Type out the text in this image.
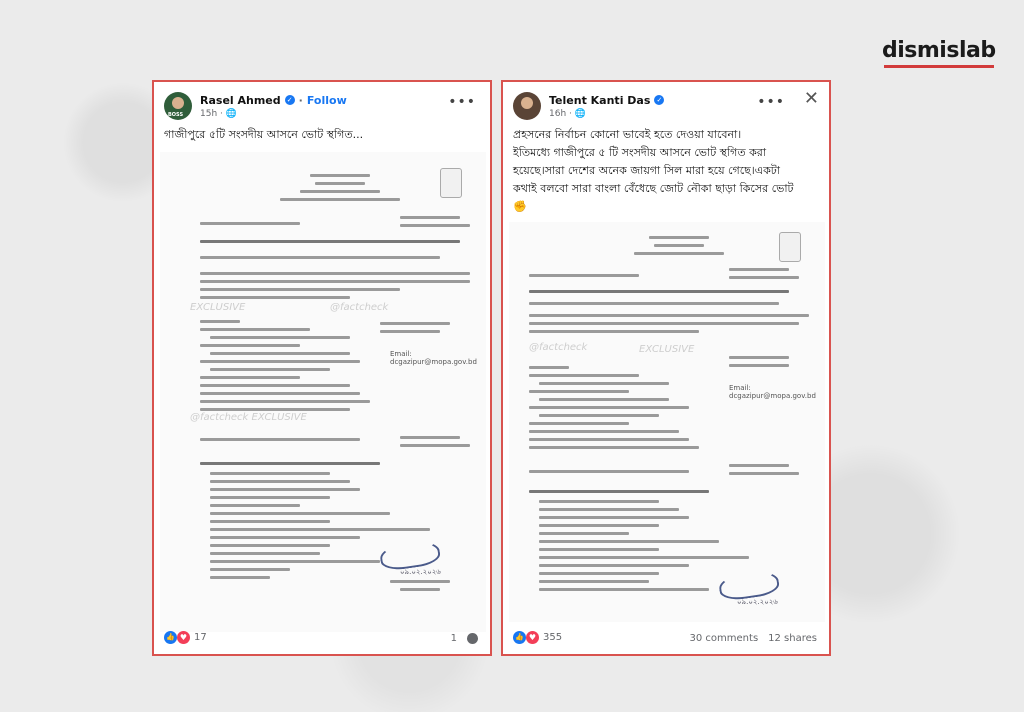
dismislab
BOSS
Rasel Ahmed ✓ · Follow
15h · 🌐
•••
গাজীপুরে ৫টি সংসদীয় আসনে ভোট স্থগিত...
EXCLUSIVE	@factcheck
Email: dcgazipur@mopa.gov.bd
@factcheck EXCLUSIVE
০৯.০২.২০২৬
👍 ♥ 17	1
Telent Kanti Das ✓
16h · 🌐
••• ✕
প্রহসনের নির্বাচন কোনো ভাবেই হতে দেওয়া যাবেনা।
ইতিমধ্যে গাজীপুরে ৫ টি সংসদীয় আসনে ভোট স্থগিত করা
হয়েছে।সারা দেশের অনেক জায়গা সিল মারা হয়ে গেছে।একটা
কথাই বলবো সারা বাংলা বেঁধেছে জোট নৌকা ছাড়া কিসের ভোট
✊
@factcheck	EXCLUSIVE
Email: dcgazipur@mopa.gov.bd
০৯.০২.২০২৬
👍 ♥ 355	30 comments 12 shares
